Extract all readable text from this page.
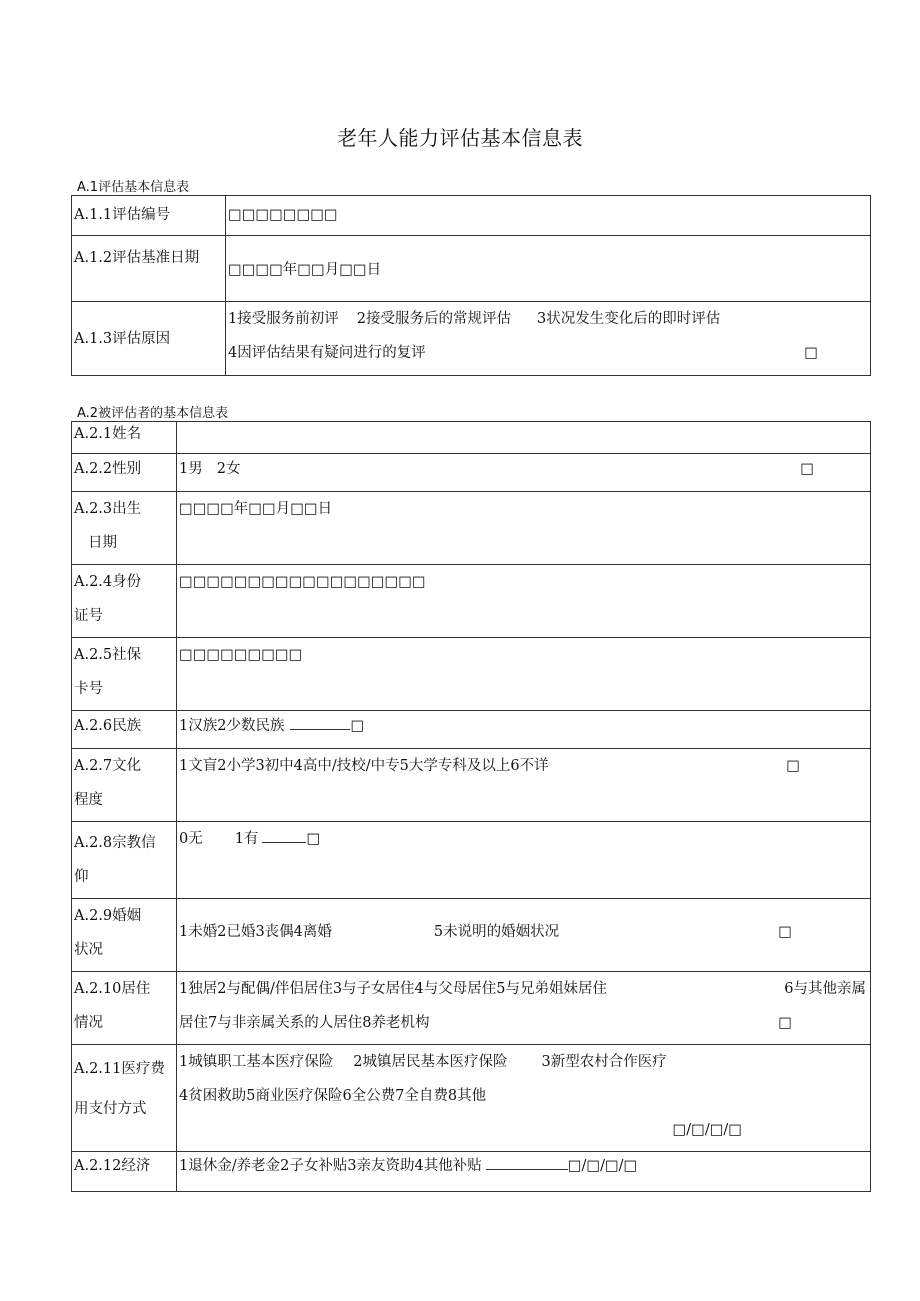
老年人能力评估基本信息表
A.1评估基本信息表
A.1.1评估编号	□□□□□□□□
A.1.2评估基准日期	□□□□年□□月□□日
A.1.3评估原因	1接受服务前初评 2接受服务后的常规评估 3状况发生变化后的即时评估
4因评估结果有疑问进行的复评 □
A.2被评估者的基本信息表
A.2.1姓名	
A.2.2性别	1男 2女 □

A.2.3出生
日期	□□□□年□□月□□日

A.2.4身份
证号	□□□□□□□□□□□□□□□□□□

A.2.5社保
卡号	□□□□□□□□□
A.2.6民族	1汉族2少数民族 □

A.2.7文化
程度	1文盲2小学3初中4高中/技校/中专5大学专科及以上6不详 □

A.2.8宗教信
仰	0无 1有 □

A.2.9婚姻
状况	1未婚2已婚3丧偶4离婚 5未说明的婚姻状况 □

A.2.10居住
情况	1独居2与配偶/伴侣居住3与子女居住4与父母居住5与兄弟姐妹居住 6与其他亲属
居住7与非亲属关系的人居住8养老机构 □

A.2.11医疗费
用支付方式	1城镇职工基本医疗保险 2城镇居民基本医疗保险 3新型农村合作医疗
4贫困救助5商业医疗保险6全公费7全自费8其他
□/□/□/□

A.2.12经济	1退休金/养老金2子女补贴3亲友资助4其他补贴 □/□/□/□
